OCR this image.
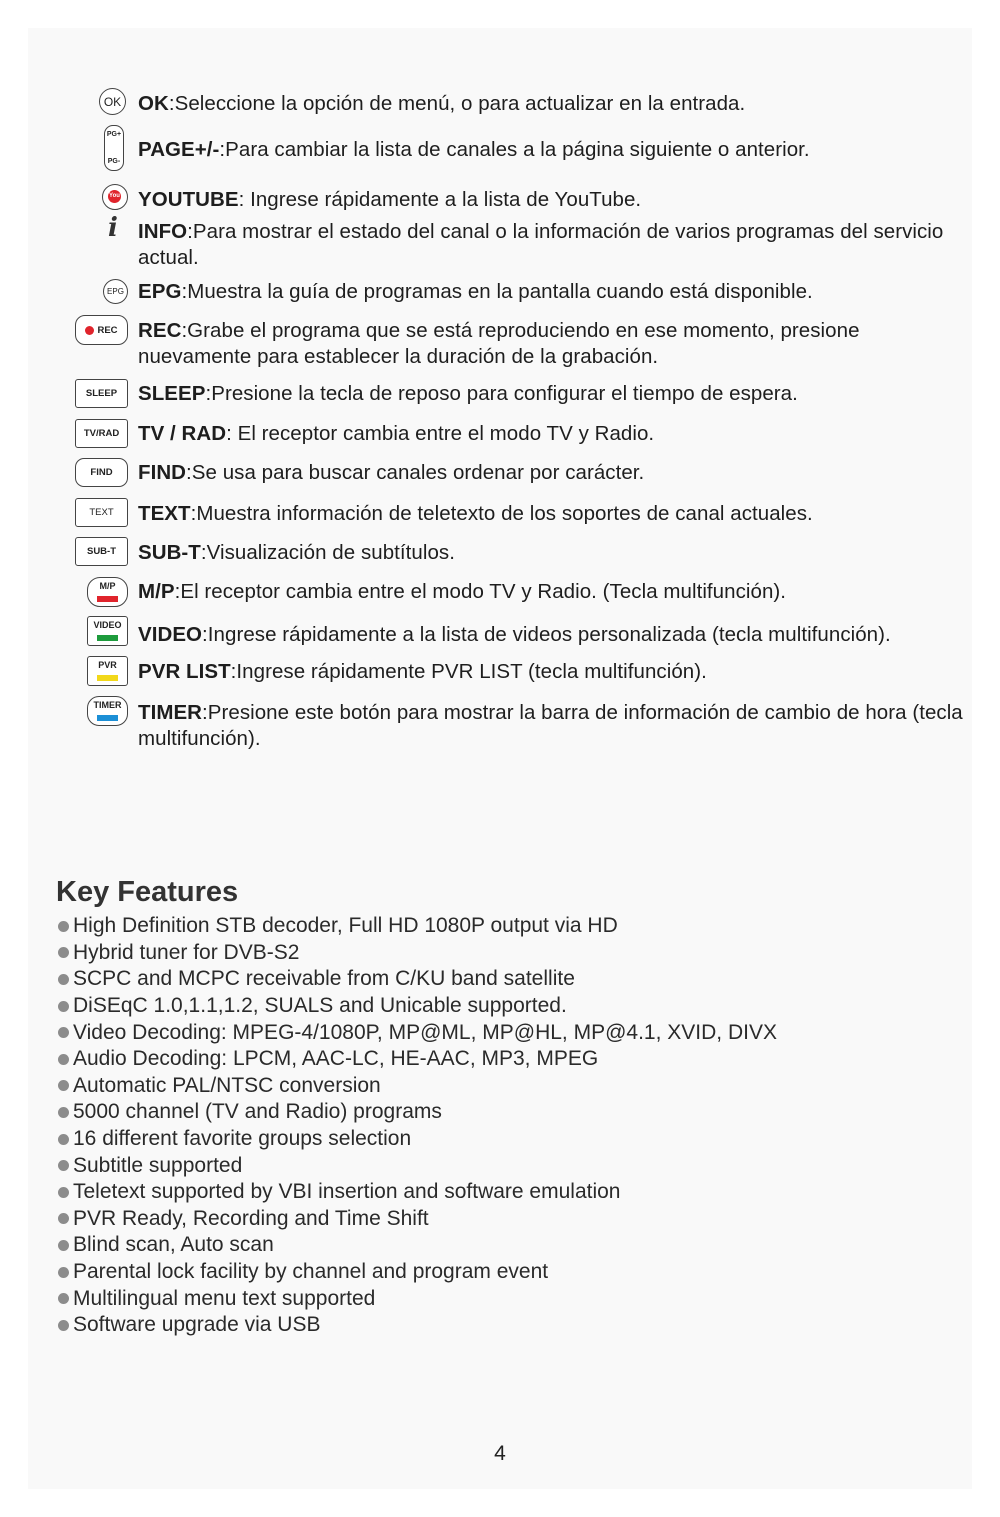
OK OK:Seleccione la opción de menú, o para actualizar en la entrada.
PG+
PG-
PAGE+/-:Para cambiar la lista de canales a la página siguiente o anterior.
You YOUTUBE: Ingrese rápidamente a la lista de YouTube.
i INFO:Para mostrar el estado del canal o la información de varios programas del servicio actual.
EPG EPG:Muestra la guía de programas en la pantalla cuando está disponible.
REC REC:Grabe el programa que se está reproduciendo en ese momento, presione nuevamente para establecer la duración de la grabación.
SLEEP	SLEEP:Presione la tecla de reposo para configurar el tiempo de espera.
TV/RAD TV / RAD: El receptor cambia entre el modo TV y Radio.
FIND	FIND:Se usa para buscar canales ordenar por carácter.
TEXT	TEXT:Muestra información de teletexto de los soportes de canal actuales.
SUB-T	SUB-T:Visualización de subtítulos.
M/P	M/P:El receptor cambia entre el modo TV y Radio. (Tecla multifunción).
VIDEO VIDEO:Ingrese rápidamente a la lista de videos personalizada (tecla multifunción).
PVR	PVR LIST:Ingrese rápidamente PVR LIST (tecla multifunción).
TIMER TIMER:Presione este botón para mostrar la barra de información de cambio de hora (tecla multifunción).
Key Features
High Definition STB decoder, Full HD 1080P output via HD
Hybrid tuner for DVB-S2
SCPC and MCPC receivable from C/KU band satellite
DiSEqC 1.0,1.1,1.2, SUALS and Unicable supported.
Video Decoding: MPEG-4/1080P, MP@ML, MP@HL, MP@4.1, XVID, DIVX
Audio Decoding: LPCM, AAC-LC, HE-AAC, MP3, MPEG
Automatic PAL/NTSC conversion
5000 channel (TV and Radio) programs
16 different favorite groups selection
Subtitle supported
Teletext supported by VBI insertion and software emulation
PVR Ready, Recording and Time Shift
Blind scan, Auto scan
Parental lock facility by channel and program event
Multilingual menu text supported
Software upgrade via USB
4
